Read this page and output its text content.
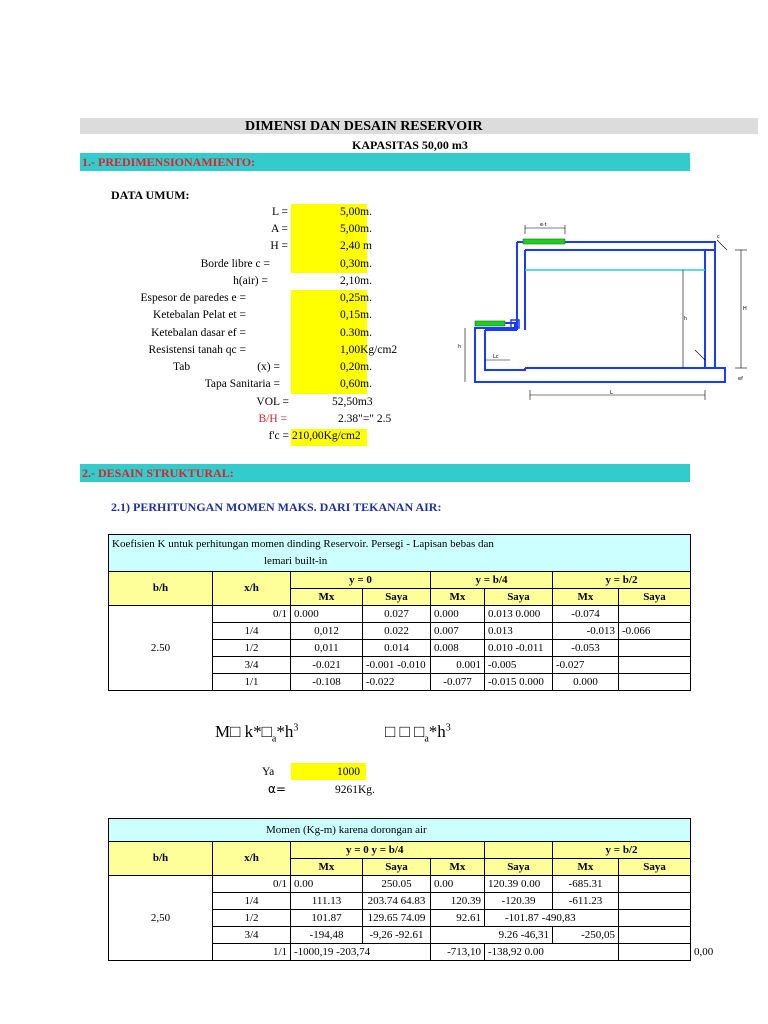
DIMENSI DAN DESAIN RESERVOIR
KAPASITAS 50,00 m3
1.- PREDIMENSIONAMIENTO:
DATA UMUM:
L =	5,00m.
A =	5,00m.
H =	2,40 m
Borde libre c =	0,30m.
h(air) =	2,10m.
Espesor de paredes e =	0,25m.
Ketebalan Pelat et =	0,15m.
Ketebalan dasar ef =	0.30m.
Resistensi tanah qc =	1,00Kg/cm2
Tab	(x) =	0,20m.
Tapa Sanitaria =	0,60m.
VOL =	52,50m3
B/H =	2.38"=" 2.5
f'c = 210,00Kg/cm2
e·t
H
h
L
h
Lc
c
ef
2.- DESAIN STRUKTURAL:
2.1) PERHITUNGAN MOMEN MAKS. DARI TEKANAN AIR:
Koefisien K untuk perhitungan momen dinding Reservoir. Persegi - Lapisan bebas dan
lemari built-in							
b/h	x/h	y = 0		y = b/4		y = b/2	
		Mx	Saya	Mx	Saya	Mx	Saya
2.50	0/1	0.000	0.027	0.000	0.013 0.000	-0.074	
	1/4	0,012	0.022	0.007	0.013	-0.013	-0.066
	1/2	0,011	0.014	0.008	0.010 -0.011	-0.053	
	3/4	-0.021	-0.001 -0.010	0.001	-0.005	-0.027	
	1/1	-0.108	-0.022	-0.077	-0.015 0.000	0.000	
M□ $k*□_a*h^3$	□ □ $□_a*h^3$
Ya	1000
α=	9261Kg.
Momen (Kg-m) karena dorongan air								
b/h	x/h	y = 0 y = b/4				y = b/2		
		Mx	Saya	Mx	Saya	Mx	Saya	
2,50	0/1	0.00	250.05	0.00	120.39 0.00	-685.31		
	1/4	111.13	203.74 64.83	120.39	-120.39	-611.23		
	1/2	101.87	129.65 74.09	92.61	-101.87 -490,83			
	3/4	-194,48	-9,26 -92.61	9.26 -46,31		-250,05		
	1/1	-1000,19 -203,74		-713,10	-138,92 0.00			0,00
